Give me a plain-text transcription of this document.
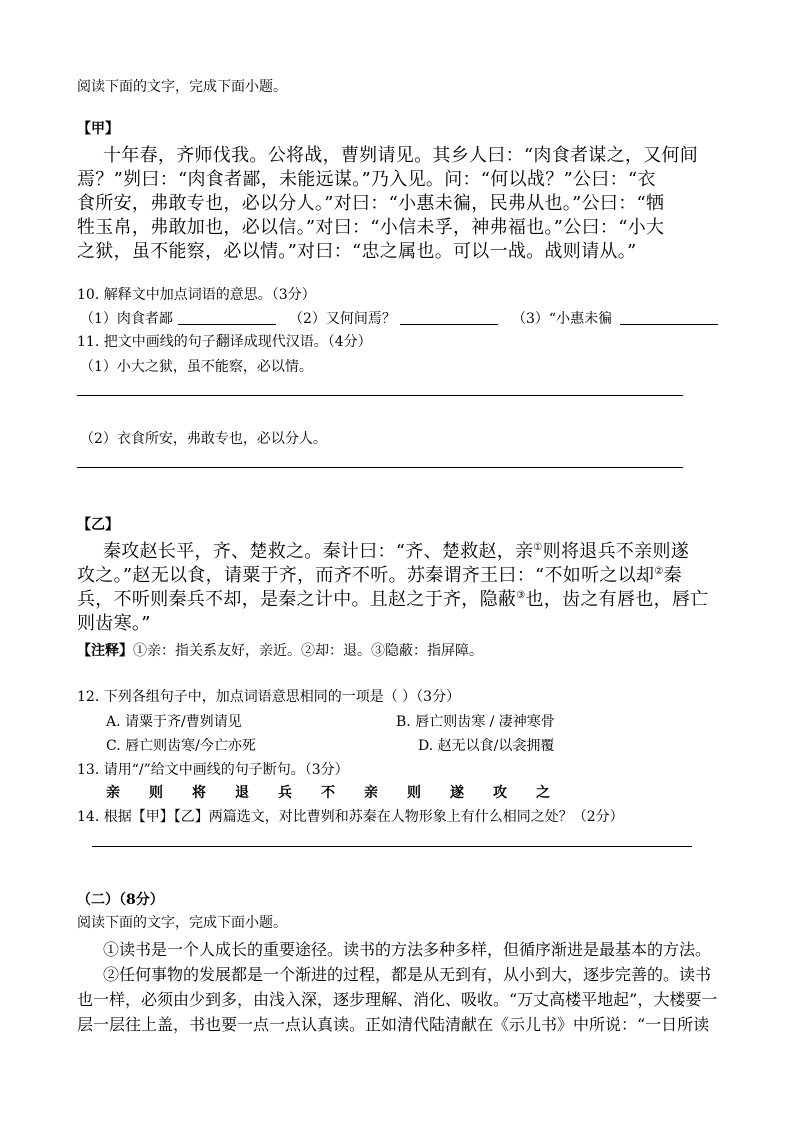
阅读下面的文字，完成下面小题。
【甲】
十年春，齐师伐我。公将战，曹刿请见。其乡人曰：“肉食者谋之，又何间
焉？”刿曰：“肉食者鄙，未能远谋。”乃入见。问：“何以战？”公曰：“衣
食所安，弗敢专也，必以分人。”对曰：“小惠未徧，民弗从也。”公曰：“牺
牲玉帛，弗敢加也，必以信。”对曰：“小信未孚，神弗福也。”公曰：“小大
之狱，虽不能察，必以情。”对曰：“忠之属也。可以一战。战则请从。”
10. 解释文中加点词语的意思。（3分）
（1）肉食者鄙	（2）又何间焉？	（3）“小惠未徧
11. 把文中画线的句子翻译成现代汉语。（4分）
（1）小大之狱，虽不能察，必以情。
（2）衣食所安，弗敢专也，必以分人。
【乙】
秦攻赵长平，齐、楚救之。秦计曰：“齐、楚救赵，亲①则将退兵不亲则遂
攻之。”赵无以食，请粟于齐，而齐不听。苏秦谓齐王曰：“不如听之以却②秦
兵，不听则秦兵不却，是秦之计中。且赵之于齐，隐蔽③也，齿之有唇也，唇亡
则齿寒。”
【注释】①亲：指关系友好，亲近。②却：退。③隐蔽：指屏障。
12. 下列各组句子中，加点词语意思相同的一项是（ ）（3分）
A. 请粟于齐/曹刿请见	B. 唇亡则齿寒 / 凄神寒骨
C. 唇亡则齿寒/今亡亦死	D. 赵无以食/以衾拥覆
13. 请用“/”给文中画线的句子断句。（3分）
亲则将退兵不亲则遂攻之
14. 根据【甲】【乙】两篇选文，对比曹刿和苏秦在人物形象上有什么相同之处？（2分）
（二）（8分）
阅读下面的文字，完成下面小题。
①读书是一个人成长的重要途径。读书的方法多种多样，但循序渐进是最基本的方法。
②任何事物的发展都是一个渐进的过程，都是从无到有，从小到大，逐步完善的。读书
也一样，必须由少到多，由浅入深，逐步理解、消化、吸收。“万丈高楼平地起”，大楼要一
层一层往上盖，书也要一点一点认真读。正如清代陆清献在《示儿书》中所说：“一日所读
